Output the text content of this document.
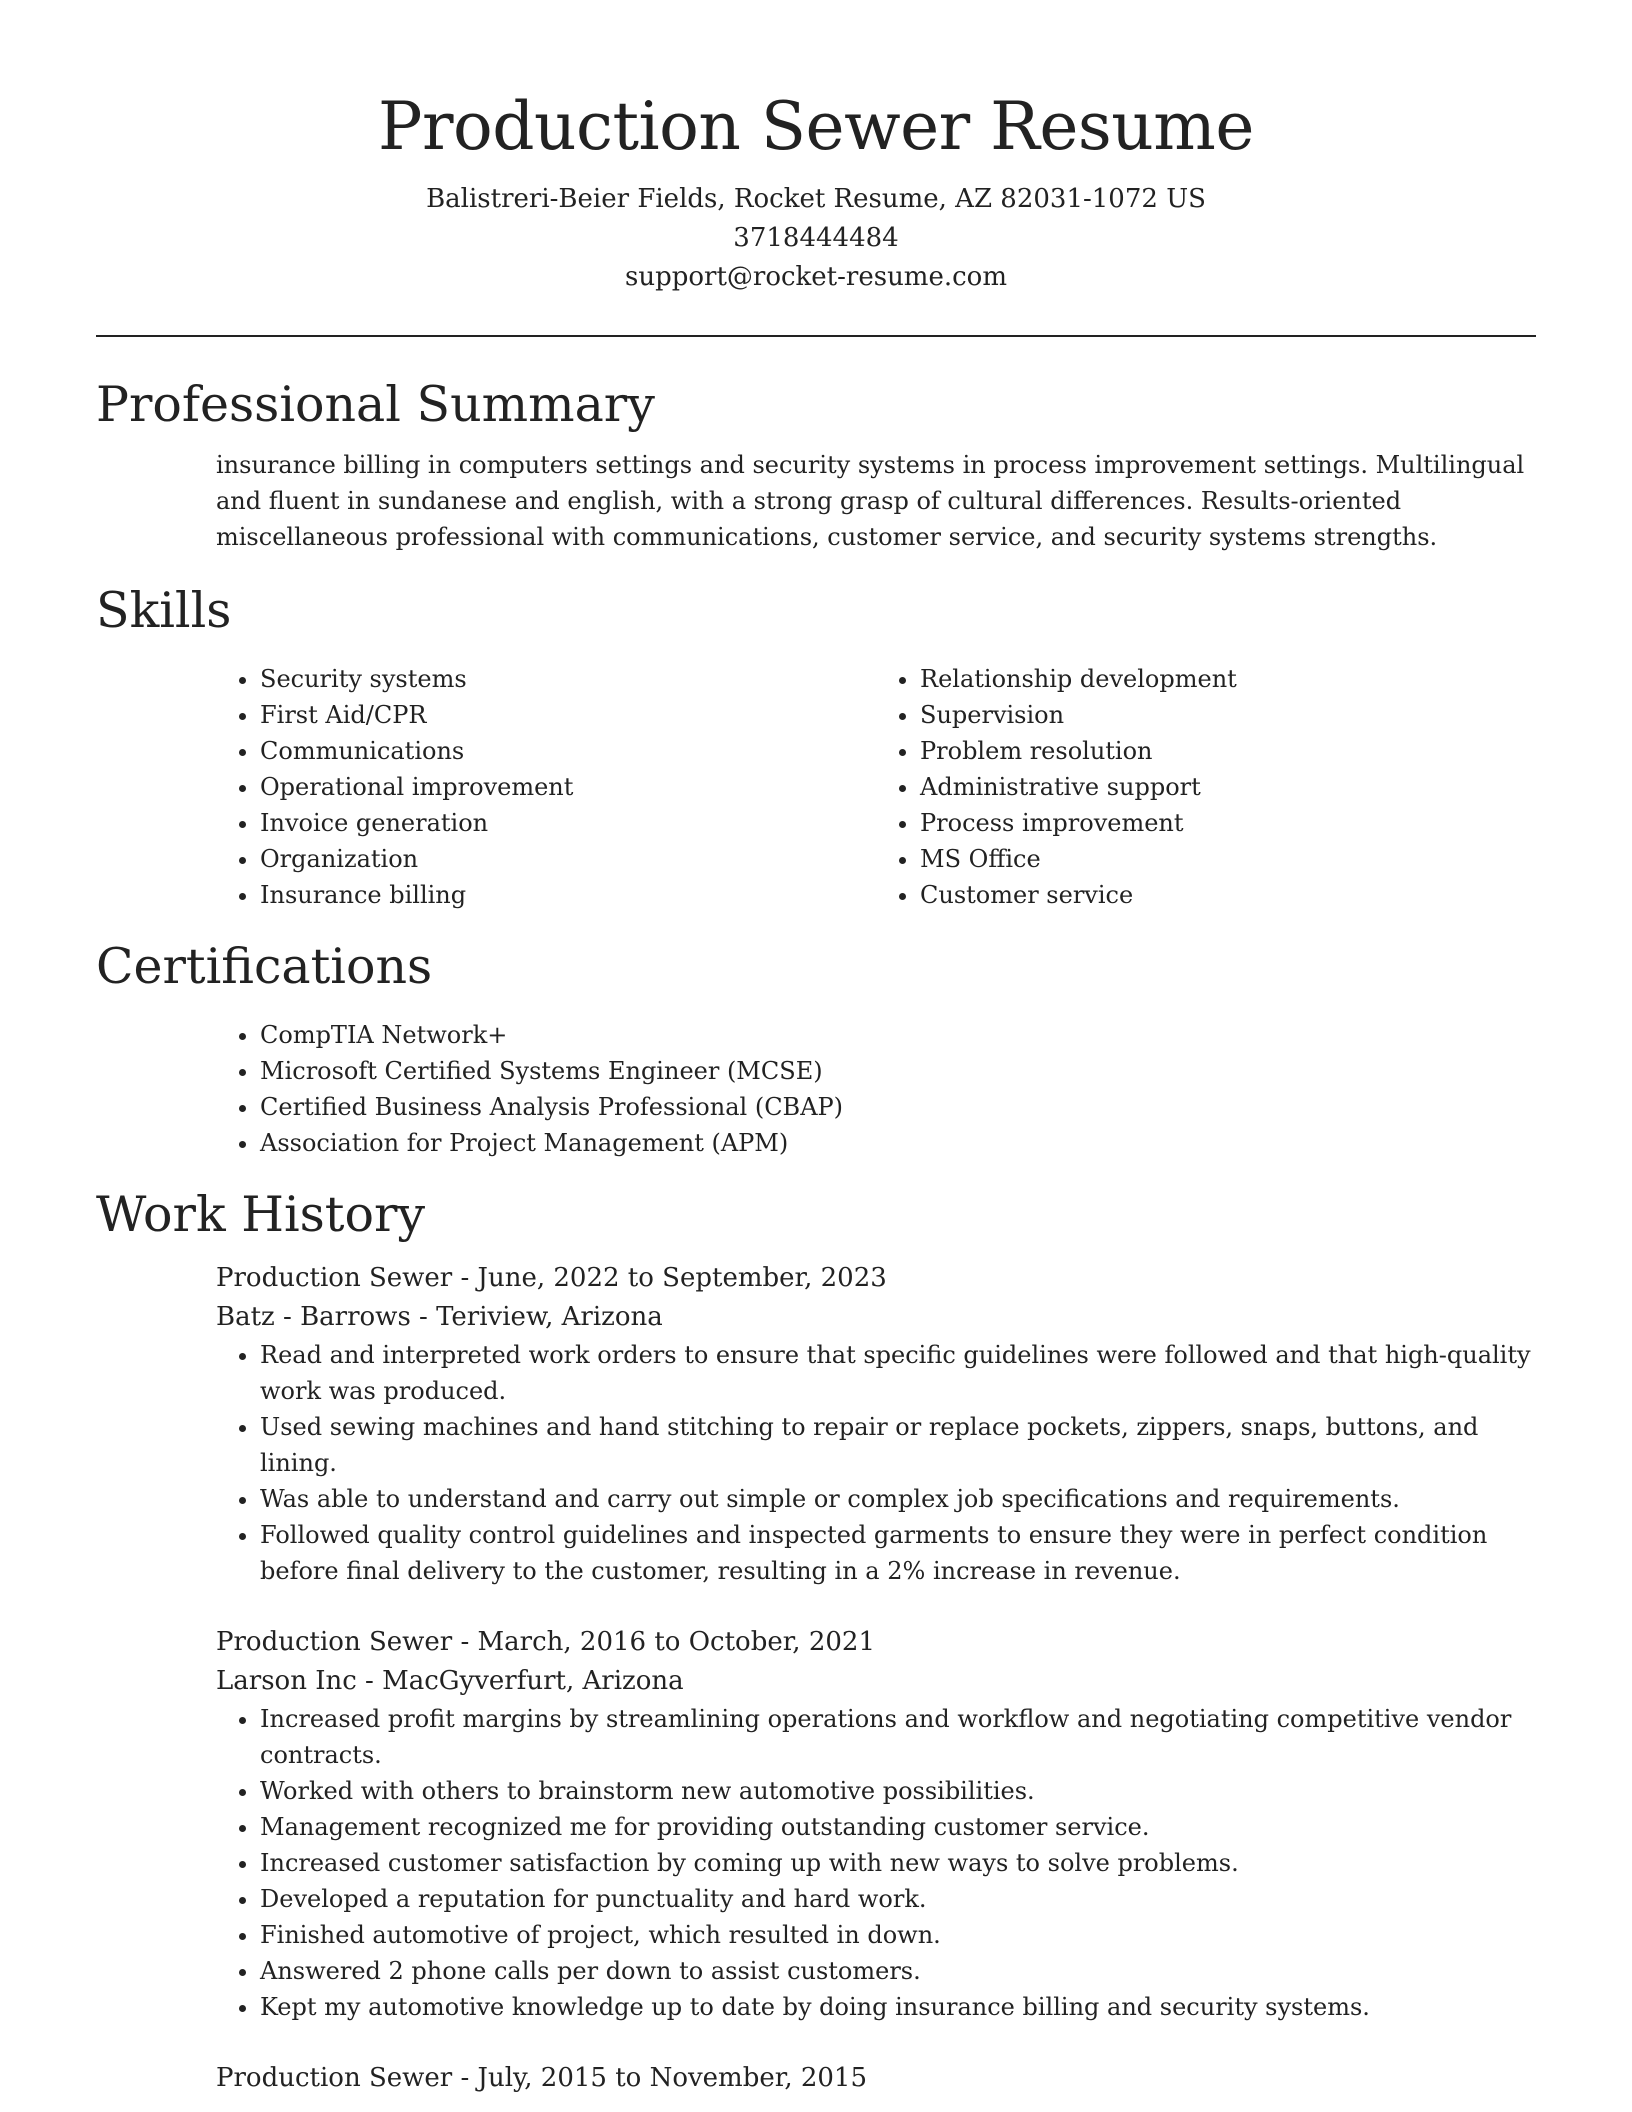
Production Sewer Resume

Balistreri-Beier Fields, Rocket Resume, AZ 82031-1072 US

3718444484

support@rocket-resume.com

Professional Summary

insurance billing in computers settings and security systems in process improvement settings. Multilingual and fluent in sundanese and english, with a strong grasp of cultural differences. Results-oriented miscellaneous professional with communications, customer service, and security systems strengths.

Skills
• Security systems
• First Aid/CPR
• Communications
• Operational improvement
• Invoice generation
• Organization
• Insurance billing
• Relationship development
• Supervision
• Problem resolution
• Administrative support
• Process improvement
• MS Office
• Customer service
Certifications
• CompTIA Network+
• Microsoft Certified Systems Engineer (MCSE)
• Certified Business Analysis Professional (CBAP)
• Association for Project Management (APM)
Work History

Production Sewer - June, 2022 to September, 2023

Batz - Barrows - Teriview, Arizona

• Read and interpreted work orders to ensure that specific guidelines were followed and that high-quality work was produced.
• Used sewing machines and hand stitching to repair or replace pockets, zippers, snaps, buttons, and lining.
• Was able to understand and carry out simple or complex job specifications and requirements.
• Followed quality control guidelines and inspected garments to ensure they were in perfect condition before final delivery to the customer, resulting in a 2% increase in revenue.

Production Sewer - March, 2016 to October, 2021

Larson Inc - MacGyverfurt, Arizona

• Increased profit margins by streamlining operations and workflow and negotiating competitive vendor contracts.
• Worked with others to brainstorm new automotive possibilities.
• Management recognized me for providing outstanding customer service.
• Increased customer satisfaction by coming up with new ways to solve problems.
• Developed a reputation for punctuality and hard work.
• Finished automotive of project, which resulted in down.
• Answered 2 phone calls per down to assist customers.
• Kept my automotive knowledge up to date by doing insurance billing and security systems.

Production Sewer - July, 2015 to November, 2015
